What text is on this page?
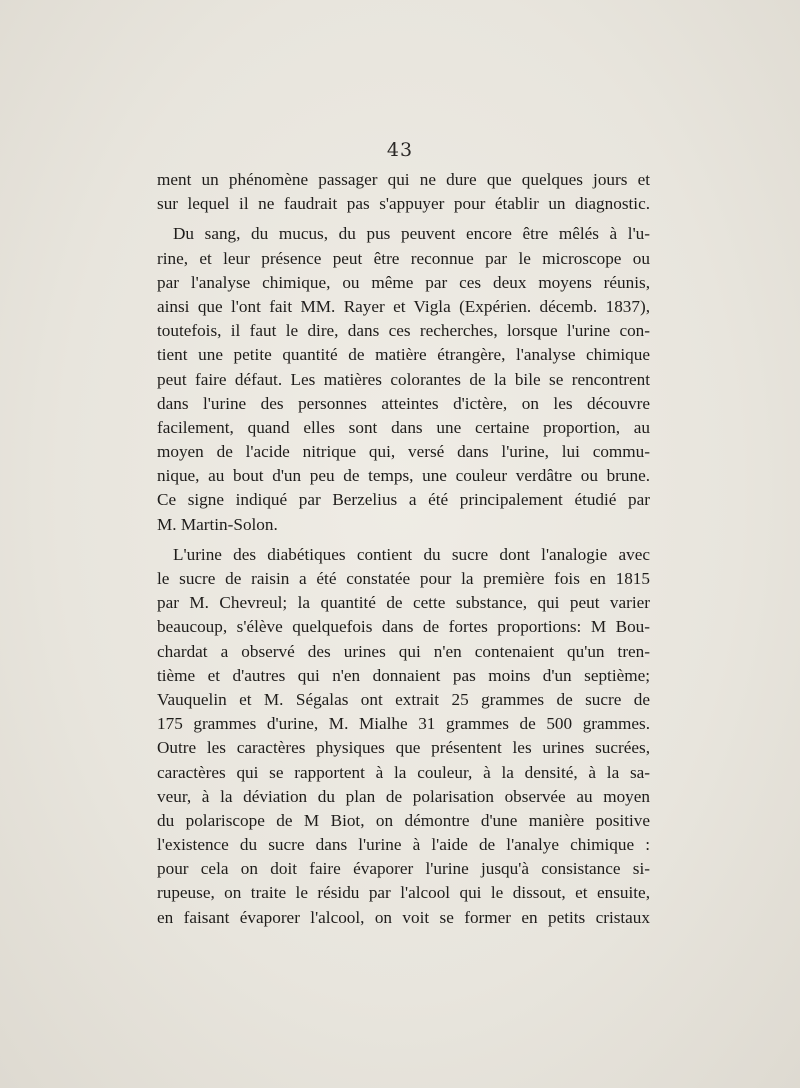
43
ment un phénomène passager qui ne dure que quelques jours et
sur lequel il ne faudrait pas s'appuyer pour établir un diagnostic.
Du sang, du mucus, du pus peuvent encore être mêlés à l'u-
rine, et leur présence peut être reconnue par le microscope ou
par l'analyse chimique, ou même par ces deux moyens réunis,
ainsi que l'ont fait MM. Rayer et Vigla (Expérien. décemb. 1837),
toutefois, il faut le dire, dans ces recherches, lorsque l'urine con-
tient une petite quantité de matière étrangère, l'analyse chimique
peut faire défaut. Les matières colorantes de la bile se rencontrent
dans l'urine des personnes atteintes d'ictère, on les découvre
facilement, quand elles sont dans une certaine proportion, au
moyen de l'acide nitrique qui, versé dans l'urine, lui commu-
nique, au bout d'un peu de temps, une couleur verdâtre ou brune.
Ce signe indiqué par Berzelius a été principalement étudié par
M. Martin-Solon.
L'urine des diabétiques contient du sucre dont l'analogie avec
le sucre de raisin a été constatée pour la première fois en 1815
par M. Chevreul; la quantité de cette substance, qui peut varier
beaucoup, s'élève quelquefois dans de fortes proportions: M Bou-
chardat a observé des urines qui n'en contenaient qu'un tren-
tième et d'autres qui n'en donnaient pas moins d'un septième;
Vauquelin et M. Ségalas ont extrait 25 grammes de sucre de
175 grammes d'urine, M. Mialhe 31 grammes de 500 grammes.
Outre les caractères physiques que présentent les urines sucrées,
caractères qui se rapportent à la couleur, à la densité, à la sa-
veur, à la déviation du plan de polarisation observée au moyen
du polariscope de M Biot, on démontre d'une manière positive
l'existence du sucre dans l'urine à l'aide de l'analye chimique :
pour cela on doit faire évaporer l'urine jusqu'à consistance si-
rupeuse, on traite le résidu par l'alcool qui le dissout, et ensuite,
en faisant évaporer l'alcool, on voit se former en petits cristaux
